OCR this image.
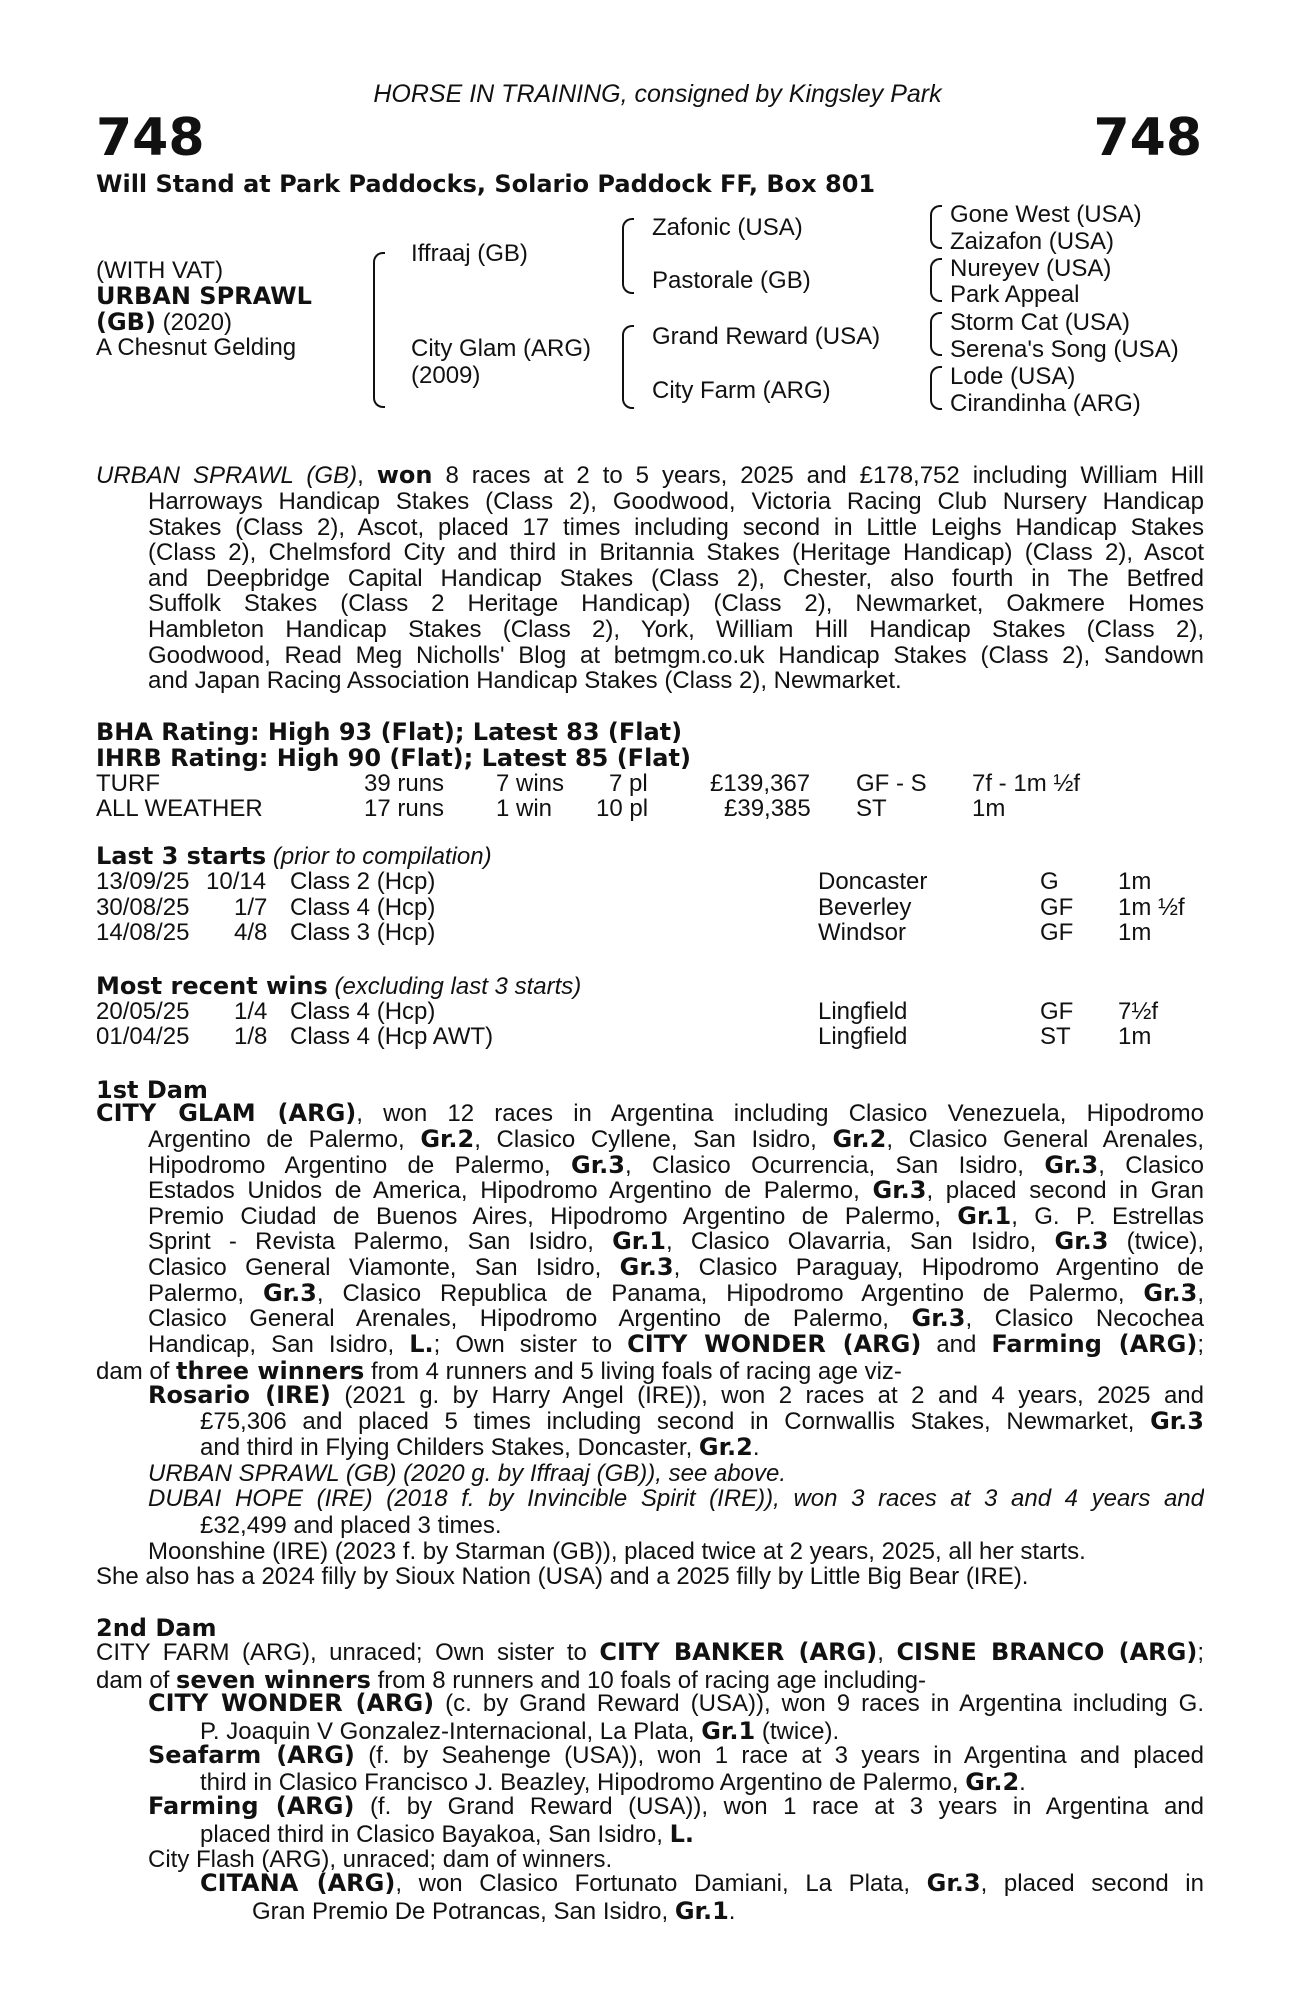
HORSE IN TRAINING, consigned by Kingsley Park
748	748
Will Stand at Park Paddocks, Solario Paddock FF, Box 801
(WITH VAT)
URBAN SPRAWL
(GB) (2020)
A Chesnut Gelding
Iffraaj (GB)
City Glam (ARG)
(2009)
Zafonic (USA)
Pastorale (GB)
Grand Reward (USA)
City Farm (ARG)
Gone West (USA)
Zaizafon (USA)
Nureyev (USA)
Park Appeal
Storm Cat (USA)
Serena's Song (USA)
Lode (USA)
Cirandinha (ARG)
URBAN SPRAWL (GB), won 8 races at 2 to 5 years, 2025 and £178,752 including William Hill
Harroways Handicap Stakes (Class 2), Goodwood, Victoria Racing Club Nursery Handicap
Stakes (Class 2), Ascot, placed 17 times including second in Little Leighs Handicap Stakes
(Class 2), Chelmsford City and third in Britannia Stakes (Heritage Handicap) (Class 2), Ascot
and Deepbridge Capital Handicap Stakes (Class 2), Chester, also fourth in The Betfred
Suffolk Stakes (Class 2 Heritage Handicap) (Class 2), Newmarket, Oakmere Homes
Hambleton Handicap Stakes (Class 2), York, William Hill Handicap Stakes (Class 2),
Goodwood, Read Meg Nicholls' Blog at betmgm.co.uk Handicap Stakes (Class 2), Sandown
and Japan Racing Association Handicap Stakes (Class 2), Newmarket.
BHA Rating: High 93 (Flat); Latest 83 (Flat)
IHRB Rating: High 90 (Flat); Latest 85 (Flat)
TURF	39 runs 7 wins 7 pl	£139,367 GF - S 7f - 1m ½f
ALL WEATHER	17 runs 1 win 10 pl	£39,385 ST	1m
Last 3 starts (prior to compilation)
13/09/25 10/14 Class 2 (Hcp)	Doncaster	G 1m
30/08/25 1/7 Class 4 (Hcp)	Beverley	GF 1m ½f
14/08/25 4/8 Class 3 (Hcp)	Windsor	GF 1m
Most recent wins (excluding last 3 starts)
20/05/25 1/4 Class 4 (Hcp)	Lingfield	GF 7½f
01/04/25 1/8 Class 4 (Hcp AWT)	Lingfield	ST 1m
1st Dam
CITY GLAM (ARG), won 12 races in Argentina including Clasico Venezuela, Hipodromo
Argentino de Palermo, Gr.2, Clasico Cyllene, San Isidro, Gr.2, Clasico General Arenales,
Hipodromo Argentino de Palermo, Gr.3, Clasico Ocurrencia, San Isidro, Gr.3, Clasico
Estados Unidos de America, Hipodromo Argentino de Palermo, Gr.3, placed second in Gran
Premio Ciudad de Buenos Aires, Hipodromo Argentino de Palermo, Gr.1, G. P. Estrellas
Sprint - Revista Palermo, San Isidro, Gr.1, Clasico Olavarria, San Isidro, Gr.3 (twice),
Clasico General Viamonte, San Isidro, Gr.3, Clasico Paraguay, Hipodromo Argentino de
Palermo, Gr.3, Clasico Republica de Panama, Hipodromo Argentino de Palermo, Gr.3,
Clasico General Arenales, Hipodromo Argentino de Palermo, Gr.3, Clasico Necochea
Handicap, San Isidro, L.; Own sister to CITY WONDER (ARG) and Farming (ARG);
dam of three winners from 4 runners and 5 living foals of racing age viz-
Rosario (IRE) (2021 g. by Harry Angel (IRE)), won 2 races at 2 and 4 years, 2025 and
£75,306 and placed 5 times including second in Cornwallis Stakes, Newmarket, Gr.3
and third in Flying Childers Stakes, Doncaster, Gr.2.
URBAN SPRAWL (GB) (2020 g. by Iffraaj (GB)), see above.
DUBAI HOPE (IRE) (2018 f. by Invincible Spirit (IRE)), won 3 races at 3 and 4 years and
£32,499 and placed 3 times.
Moonshine (IRE) (2023 f. by Starman (GB)), placed twice at 2 years, 2025, all her starts.
She also has a 2024 filly by Sioux Nation (USA) and a 2025 filly by Little Big Bear (IRE).
2nd Dam
CITY FARM (ARG), unraced; Own sister to CITY BANKER (ARG), CISNE BRANCO (ARG);
dam of seven winners from 8 runners and 10 foals of racing age including-
CITY WONDER (ARG) (c. by Grand Reward (USA)), won 9 races in Argentina including G.
P. Joaquin V Gonzalez-Internacional, La Plata, Gr.1 (twice).
Seafarm (ARG) (f. by Seahenge (USA)), won 1 race at 3 years in Argentina and placed
third in Clasico Francisco J. Beazley, Hipodromo Argentino de Palermo, Gr.2.
Farming (ARG) (f. by Grand Reward (USA)), won 1 race at 3 years in Argentina and
placed third in Clasico Bayakoa, San Isidro, L.
City Flash (ARG), unraced; dam of winners.
CITANA (ARG), won Clasico Fortunato Damiani, La Plata, Gr.3, placed second in
Gran Premio De Potrancas, San Isidro, Gr.1.
